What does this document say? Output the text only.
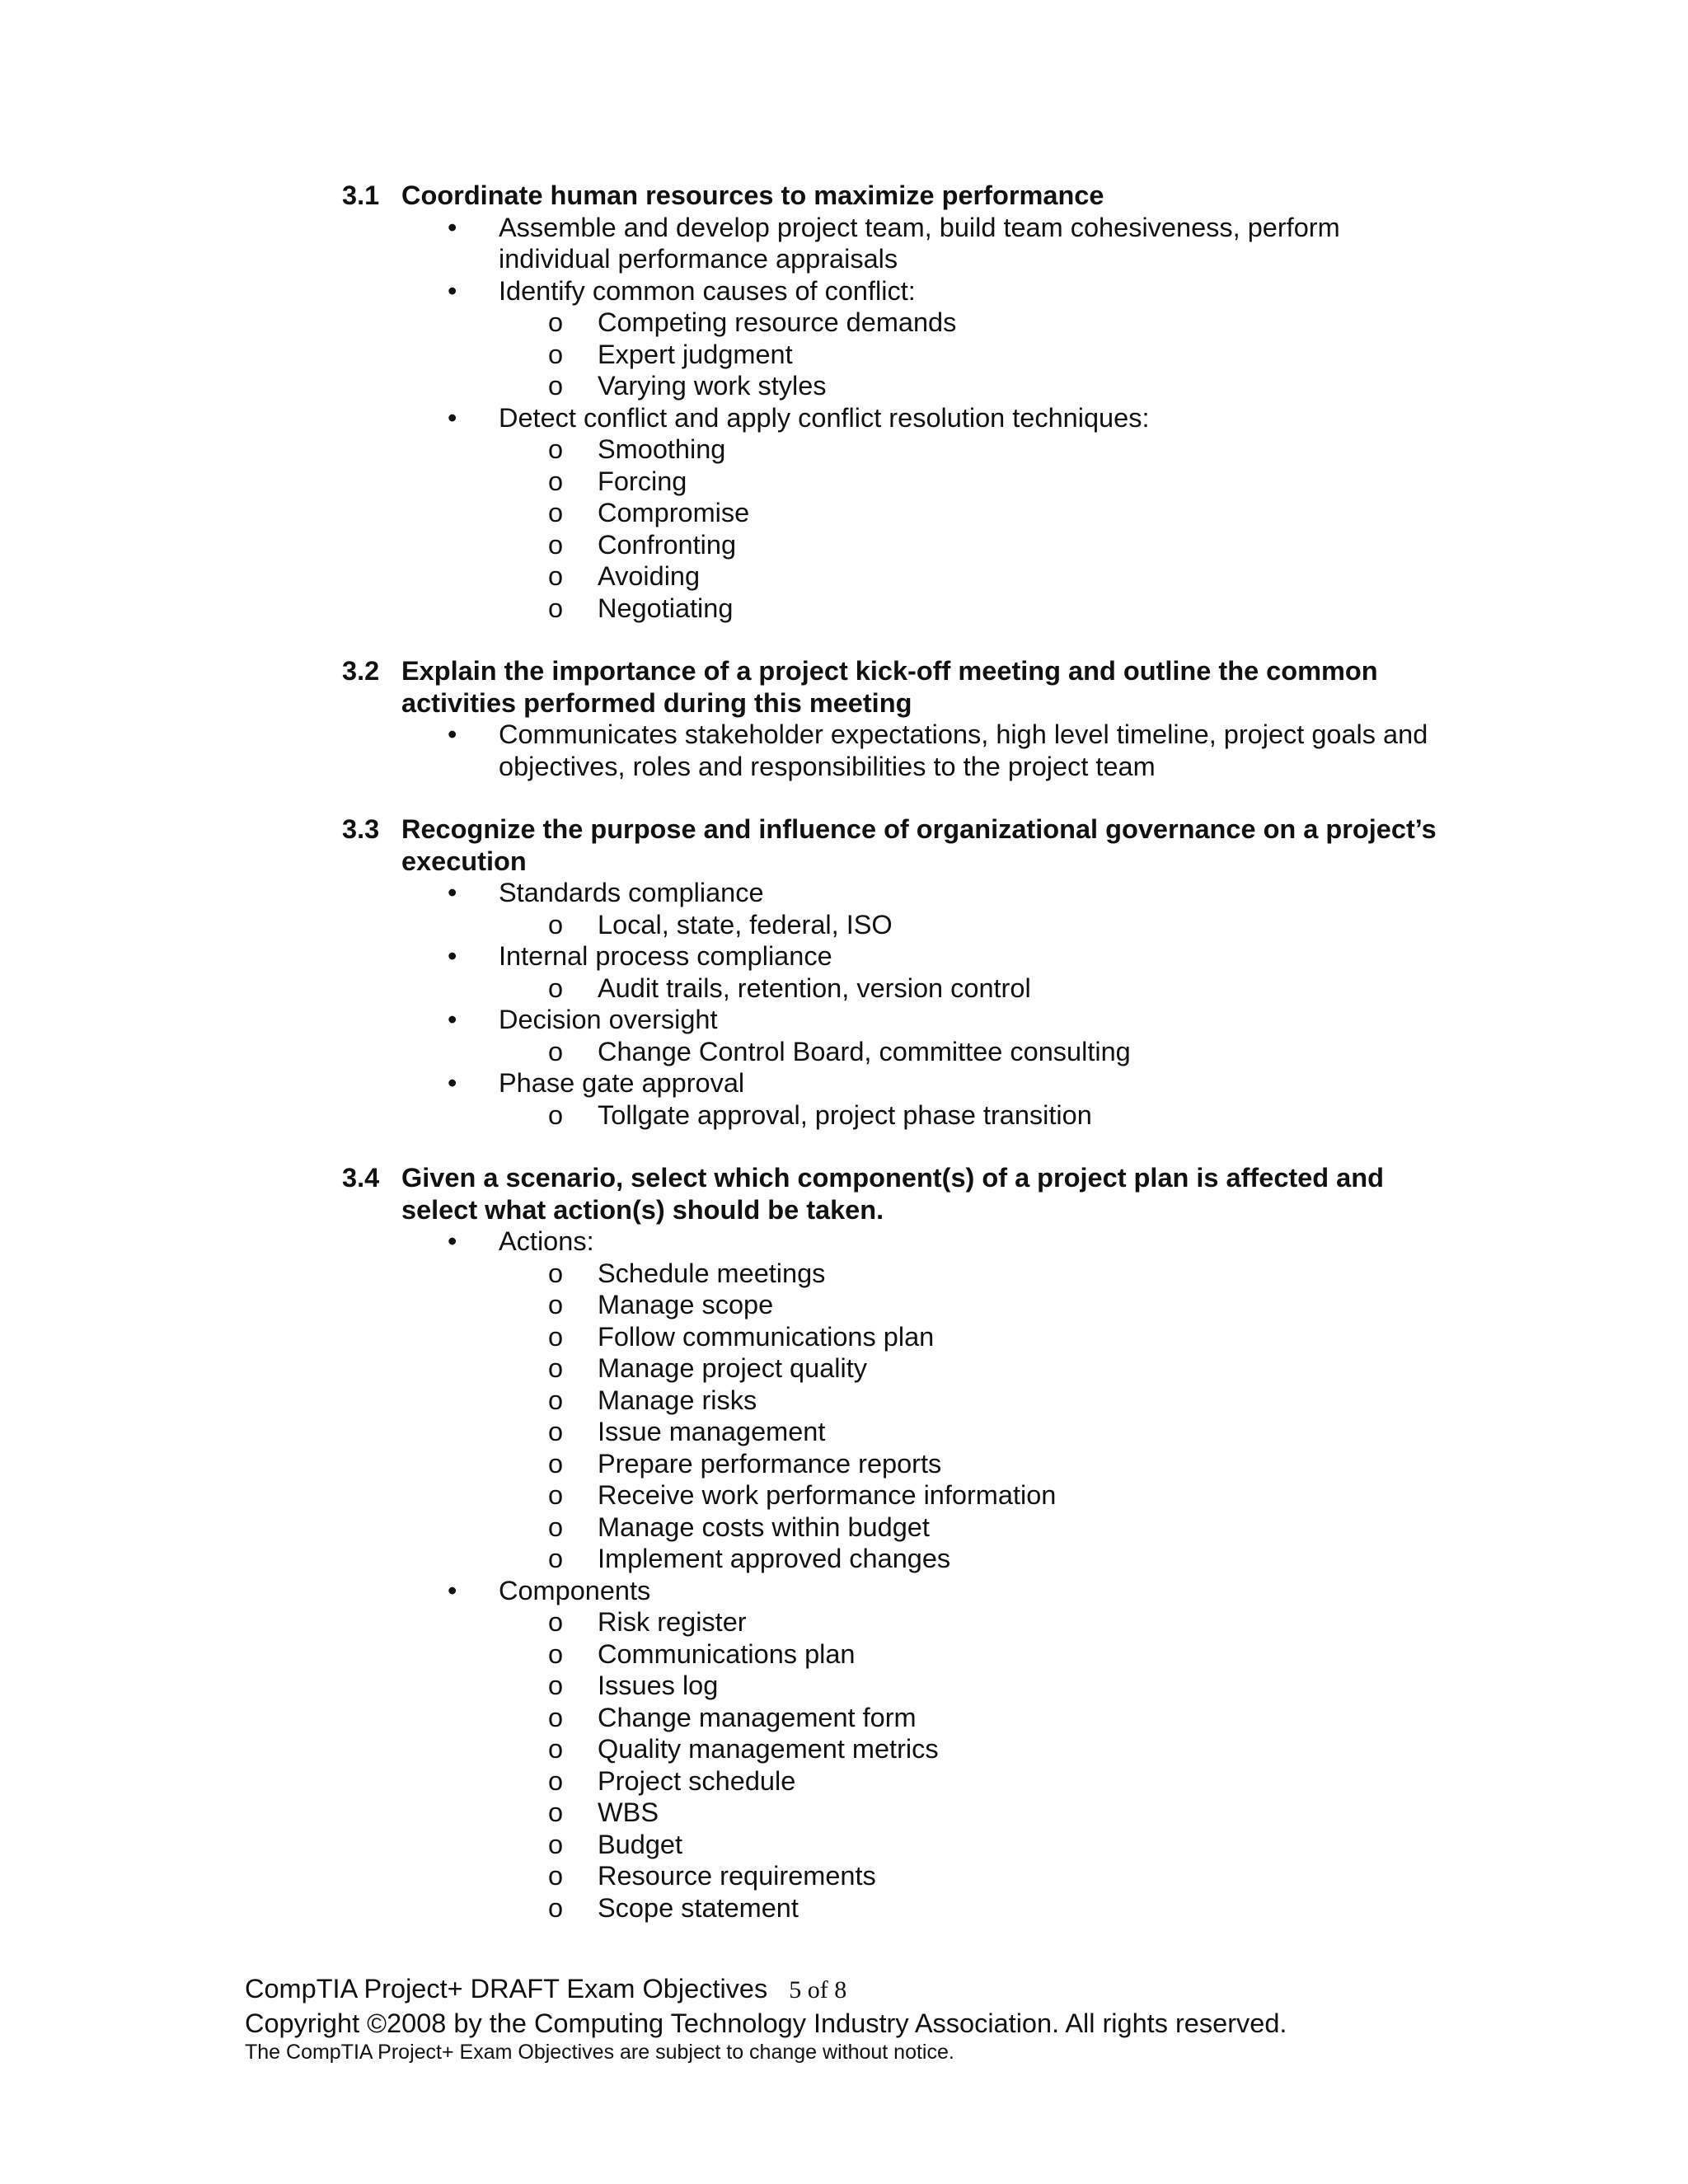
3.1 Coordinate human resources to maximize performance
• Assemble and develop project team, build team cohesiveness, perform individual performance appraisals
• Identify common causes of conflict:
o Competing resource demands
o Expert judgment
o Varying work styles
• Detect conflict and apply conflict resolution techniques:
o Smoothing
o Forcing
o Compromise
o Confronting
o Avoiding
o Negotiating
3.2 Explain the importance of a project kick-off meeting and outline the common activities performed during this meeting
• Communicates stakeholder expectations, high level timeline, project goals and objectives, roles and responsibilities to the project team
3.3 Recognize the purpose and influence of organizational governance on a project’s execution
• Standards compliance
o Local, state, federal, ISO
• Internal process compliance
o Audit trails, retention, version control
• Decision oversight
o Change Control Board, committee consulting
• Phase gate approval
o Tollgate approval, project phase transition
3.4 Given a scenario, select which component(s) of a project plan is affected and select what action(s) should be taken.
• Actions:
o Schedule meetings
o Manage scope
o Follow communications plan
o Manage project quality
o Manage risks
o Issue management
o Prepare performance reports
o Receive work performance information
o Manage costs within budget
o Implement approved changes
• Components
o Risk register
o Communications plan
o Issues log
o Change management form
o Quality management metrics
o Project schedule
o WBS
o Budget
o Resource requirements
o Scope statement
CompTIA Project+ DRAFT Exam Objectives 5 of 8
Copyright ©2008 by the Computing Technology Industry Association. All rights reserved.
The CompTIA Project+ Exam Objectives are subject to change without notice.
